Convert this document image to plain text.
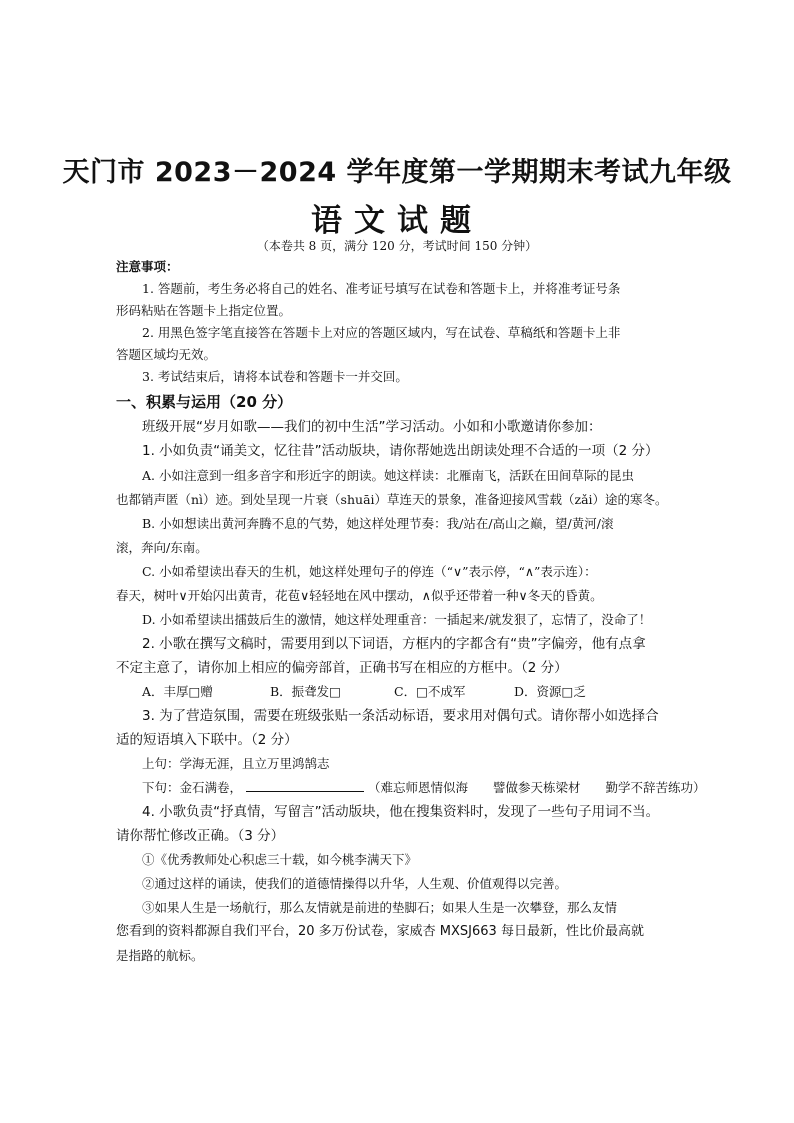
天门市 2023－2024 学年度第一学期期末考试九年级
语文试题
（本卷共 8 页，满分 120 分，考试时间 150 分钟）
注意事项：
1. 答题前，考生务必将自己的姓名、准考证号填写在试卷和答题卡上，并将准考证号条
形码粘贴在答题卡上指定位置。
2. 用黑色签字笔直接答在答题卡上对应的答题区域内，写在试卷、草稿纸和答题卡上非
答题区域均无效。
3. 考试结束后，请将本试卷和答题卡一并交回。
一、积累与运用（20 分）
班级开展“岁月如歌——我们的初中生活”学习活动。小如和小歌邀请你参加：
1. 小如负责“诵美文，忆往昔”活动版块，请你帮她选出朗读处理不合适的一项（2 分）
A. 小如注意到一组多音字和形近字的朗读。她这样读：北雁南飞，活跃在田间草际的昆虫
也都销声匿（nì）迹。到处呈现一片衰（shuāi）草连天的景象，准备迎接风雪载（zǎi）途的寒冬。
B. 小如想读出黄河奔腾不息的气势，她这样处理节奏：我/站在/高山之巅，望/黄河/滚
滚，奔向/东南。
C. 小如希望读出春天的生机，她这样处理句子的停连（“∨”表示停，“∧”表示连）：
春天，树叶∨开始闪出黄青，花苞∨轻轻地在风中摆动，∧似乎还带着一种∨冬天的昏黄。
D. 小如希望读出擂鼓后生的激情，她这样处理重音：一插起来/就发狠了，忘情了，没命了！
2. 小歌在撰写文稿时，需要用到以下词语，方框内的字都含有“贵”字偏旁，他有点拿
不定主意了，请你加上相应的偏旁部首，正确书写在相应的方框中。（2 分）
A．丰厚□赠	B．振聋发□	C．□不成军	D．资源□乏
3. 为了营造氛围，需要在班级张贴一条活动标语，要求用对偶句式。请你帮小如选择合
适的短语填入下联中。（2 分）
上句：学海无涯，且立万里鸿鹄志
下句：金石满卷，	（难忘师恩情似海　　譬做参天栋梁材　　勤学不辞苦练功）
4. 小歌负责“抒真情，写留言”活动版块，他在搜集资料时，发现了一些句子用词不当。
请你帮忙修改正确。（3 分）
①《优秀教师处心积虑三十载，如今桃李满天下》
②通过这样的诵读，使我们的道德情操得以升华，人生观、价值观得以完善。
③如果人生是一场航行，那么友情就是前进的垫脚石；如果人生是一次攀登，那么友情
您看到的资料都源自我们平台，20 多万份试卷，家威杏 MXSJ663 每日最新，性比价最高就
是指路的航标。
